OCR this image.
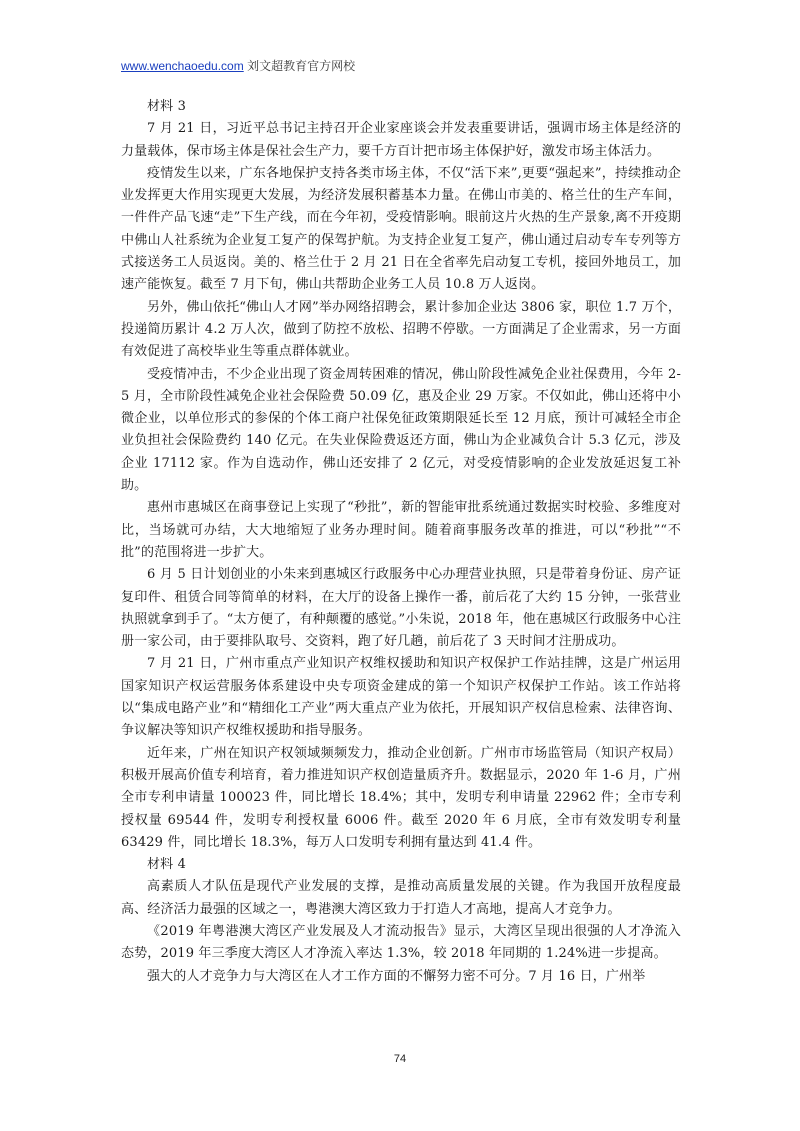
www.wenchaoedu.com 刘文超教育官方网校

材料 3

7 月 21 日，习近平总书记主持召开企业家座谈会并发表重要讲话，强调市场主体是经济的力量载体，保市场主体是保社会生产力，要千方百计把市场主体保护好，激发市场主体活力。

疫情发生以来，广东各地保护支持各类市场主体，不仅“活下来”,更要“强起来”，持续推动企业发挥更大作用实现更大发展，为经济发展积蓄基本力量。在佛山市美的、格兰仕的生产车间，一件件产品飞速“走”下生产线，而在今年初，受疫情影响。眼前这片火热的生产景象,离不开疫期中佛山人社系统为企业复工复产的保驾护航。为支持企业复工复产，佛山通过启动专车专列等方式接送务工人员返岗。美的、格兰仕于 2 月 21 日在全省率先启动复工专机，接回外地员工，加速产能恢复。截至 7 月下旬，佛山共帮助企业务工人员 10.8 万人返岗。

另外，佛山依托“佛山人才网”举办网络招聘会，累计参加企业达 3806 家，职位 1.7 万个，投递简历累计 4.2 万人次，做到了防控不放松、招聘不停歇。一方面满足了企业需求，另一方面有效促进了高校毕业生等重点群体就业。

受疫情冲击，不少企业出现了资金周转困难的情况，佛山阶段性减免企业社保费用，今年 2-5 月，全市阶段性减免企业社会保险费 50.09 亿，惠及企业 29 万家。不仅如此，佛山还将中小微企业，以单位形式的参保的个体工商户社保免征政策期限延长至 12 月底，预计可减轻全市企业负担社会保险费约 140 亿元。在失业保险费返还方面，佛山为企业减负合计 5.3 亿元，涉及企业 17112 家。作为自选动作，佛山还安排了 2 亿元，对受疫情影响的企业发放延迟复工补助。

惠州市惠城区在商事登记上实现了“秒批”，新的智能审批系统通过数据实时校验、多维度对比，当场就可办结，大大地缩短了业务办理时间。随着商事服务改革的推进，可以“秒批”“不批”的范围将进一步扩大。

6 月 5 日计划创业的小朱来到惠城区行政服务中心办理营业执照，只是带着身份证、房产证复印件、租赁合同等简单的材料，在大厅的设备上操作一番，前后花了大约 15 分钟，一张营业执照就拿到手了。“太方便了，有种颠覆的感觉。”小朱说，2018 年，他在惠城区行政服务中心注册一家公司，由于要排队取号、交资料，跑了好几趟，前后花了 3 天时间才注册成功。

7 月 21 日，广州市重点产业知识产权维权援助和知识产权保护工作站挂牌，这是广州运用国家知识产权运营服务体系建设中央专项资金建成的第一个知识产权保护工作站。该工作站将以“集成电路产业”和“精细化工产业”两大重点产业为依托，开展知识产权信息检索、法律咨询、争议解决等知识产权维权援助和指导服务。

近年来，广州在知识产权领域频频发力，推动企业创新。广州市市场监管局（知识产权局）积极开展高价值专利培育，着力推进知识产权创造量质齐升。数据显示，2020 年 1-6 月，广州全市专利申请量 100023 件，同比增长 18.4%；其中，发明专利申请量 22962 件；全市专利授权量 69544 件，发明专利授权量 6006 件。截至 2020 年 6 月底，全市有效发明专利量 63429 件，同比增长 18.3%，每万人口发明专利拥有量达到 41.4 件。

材料 4

高素质人才队伍是现代产业发展的支撑，是推动高质量发展的关键。作为我国开放程度最高、经济活力最强的区域之一，粤港澳大湾区致力于打造人才高地，提高人才竞争力。

《2019 年粤港澳大湾区产业发展及人才流动报告》显示，大湾区呈现出很强的人才净流入态势，2019 年三季度大湾区人才净流入率达 1.3%，较 2018 年同期的 1.24%进一步提高。

强大的人才竞争力与大湾区在人才工作方面的不懈努力密不可分。7 月 16 日，广州举

74
